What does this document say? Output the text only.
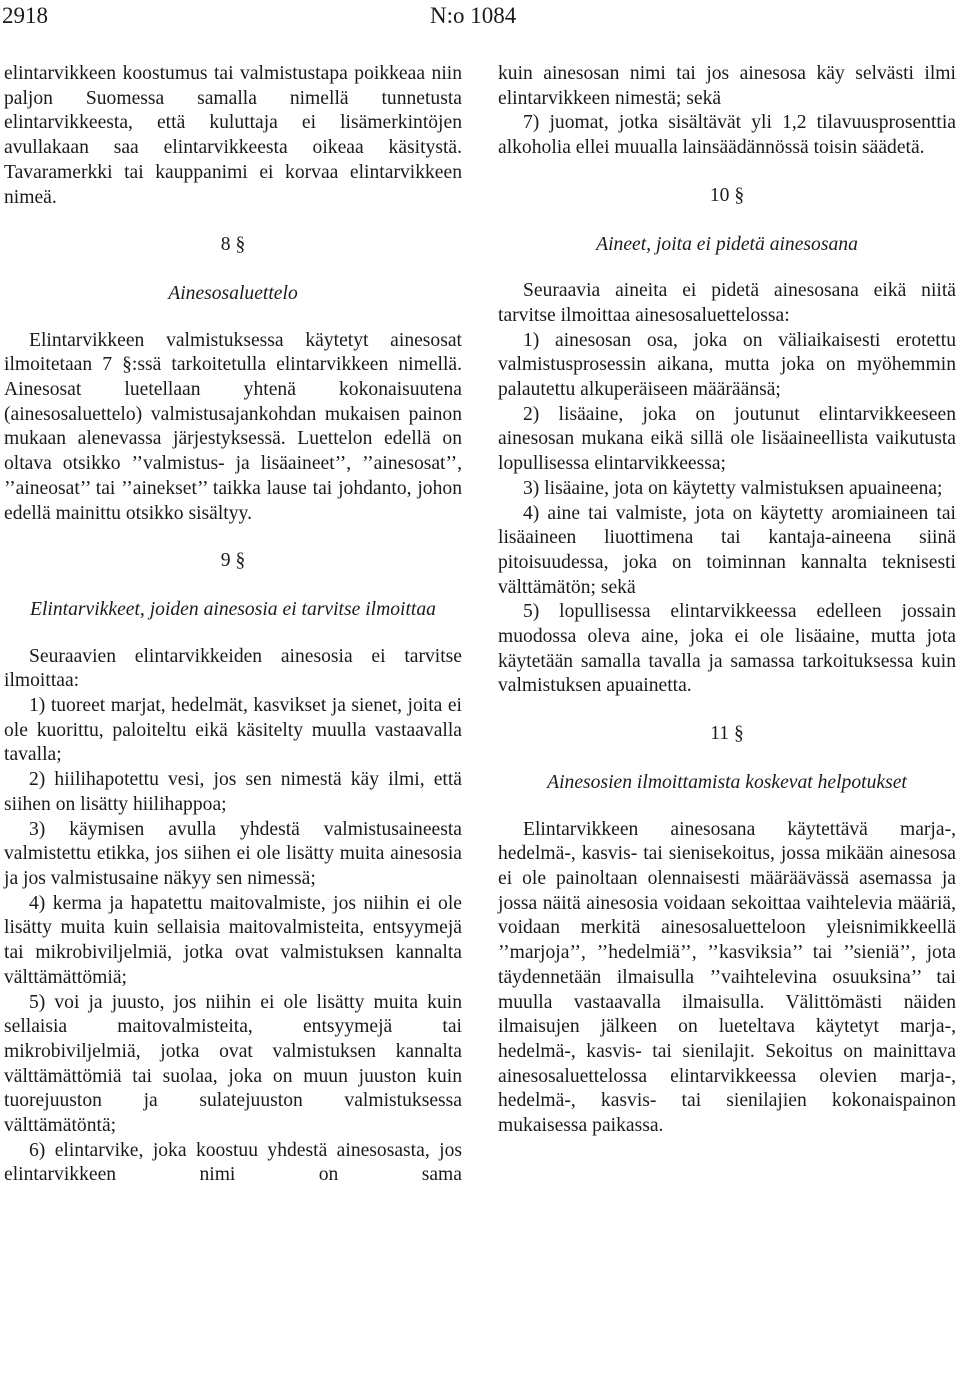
2918	N:o 1084

elintarvikkeen koostumus tai valmistustapa poikkeaa niin paljon Suomessa samalla nimellä tunnetusta elintarvikkeesta, että kuluttaja ei lisämerkintöjen avullakaan saa elintarvikkeesta oikeaa käsitystä. Tavaramerkki tai kauppanimi ei korvaa elintarvikkeen nimeä.

8 §
Ainesosaluettelo

Elintarvikkeen valmistuksessa käytetyt ainesosat ilmoitetaan 7 §:ssä tarkoitetulla elintarvikkeen nimellä. Ainesosat luetellaan yhtenä kokonaisuutena (ainesosaluettelo) valmistusajankohdan mukaisen painon mukaan alenevassa järjestyksessä. Luettelon edellä on oltava otsikko ’’valmistus- ja lisäaineet’’, ’’ainesosat’’, ’’aineosat’’ tai ’’ainekset’’ taikka lause tai johdanto, johon edellä mainittu otsikko sisältyy.

9 §
Elintarvikkeet, joiden ainesosia ei tarvitse ilmoittaa

Seuraavien elintarvikkeiden ainesosia ei tarvitse ilmoittaa:

1) tuoreet marjat, hedelmät, kasvikset ja sienet, joita ei ole kuorittu, paloiteltu eikä käsitelty muulla vastaavalla tavalla;

2) hiilihapotettu vesi, jos sen nimestä käy ilmi, että siihen on lisätty hiilihappoa;

3) käymisen avulla yhdestä valmistusaineesta valmistettu etikka, jos siihen ei ole lisätty muita ainesosia ja jos valmistusaine näkyy sen nimessä;

4) kerma ja hapatettu maitovalmiste, jos niihin ei ole lisätty muita kuin sellaisia maitovalmisteita, entsyymejä tai mikrobiviljelmiä, jotka ovat valmistuksen kannalta välttämättömiä;

5) voi ja juusto, jos niihin ei ole lisätty muita kuin sellaisia maitovalmisteita, entsyymejä tai mikrobiviljelmiä, jotka ovat valmistuksen kannalta välttämättömiä tai suolaa, joka on muun juuston kuin tuorejuuston ja sulatejuuston valmistuksessa välttämätöntä;

6) elintarvike, joka koostuu yhdestä ainesosasta, jos elintarvikkeen nimi on sama

kuin ainesosan nimi tai jos ainesosa käy selvästi ilmi elintarvikkeen nimestä; sekä

7) juomat, jotka sisältävät yli 1,2 tilavuusprosenttia alkoholia ellei muualla lainsäädännössä toisin säädetä.

10 §
Aineet, joita ei pidetä ainesosana

Seuraavia aineita ei pidetä ainesosana eikä niitä tarvitse ilmoittaa ainesosaluettelossa:

1) ainesosan osa, joka on väliaikaisesti erotettu valmistusprosessin aikana, mutta joka on myöhemmin palautettu alkuperäiseen määräänsä;

2) lisäaine, joka on joutunut elintarvikkeeseen ainesosan mukana eikä sillä ole lisäaineellista vaikutusta lopullisessa elintarvikkeessa;

3) lisäaine, jota on käytetty valmistuksen apuaineena;

4) aine tai valmiste, jota on käytetty aromiaineen tai lisäaineen liuottimena tai kantaja-aineena siinä pitoisuudessa, joka on toiminnan kannalta teknisesti välttämätön; sekä

5) lopullisessa elintarvikkeessa edelleen jossain muodossa oleva aine, joka ei ole lisäaine, mutta jota käytetään samalla tavalla ja samassa tarkoituksessa kuin valmistuksen apuainetta.

11 §
Ainesosien ilmoittamista koskevat helpotukset

Elintarvikkeen ainesosana käytettävä marja-, hedelmä-, kasvis- tai sienisekoitus, jossa mikään ainesosa ei ole painoltaan olennaisesti määräävässä asemassa ja jossa näitä ainesosia voidaan sekoittaa vaihtelevia määriä, voidaan merkitä ainesosaluetteloon yleisnimikkeellä ’’marjoja’’, ’’hedelmiä’’, ’’kasviksia’’ tai ’’sieniä’’, jota täydennetään ilmaisulla ’’vaihtelevina osuuksina’’ tai muulla vastaavalla ilmaisulla. Välittömästi näiden ilmaisujen jälkeen on lueteltava käytetyt marja-, hedelmä-, kasvis- tai sienilajit. Sekoitus on mainittava ainesosaluettelossa elintarvikkeessa olevien marja-, hedelmä-, kasvis- tai sienilajien kokonaispainon mukaisessa paikassa.
